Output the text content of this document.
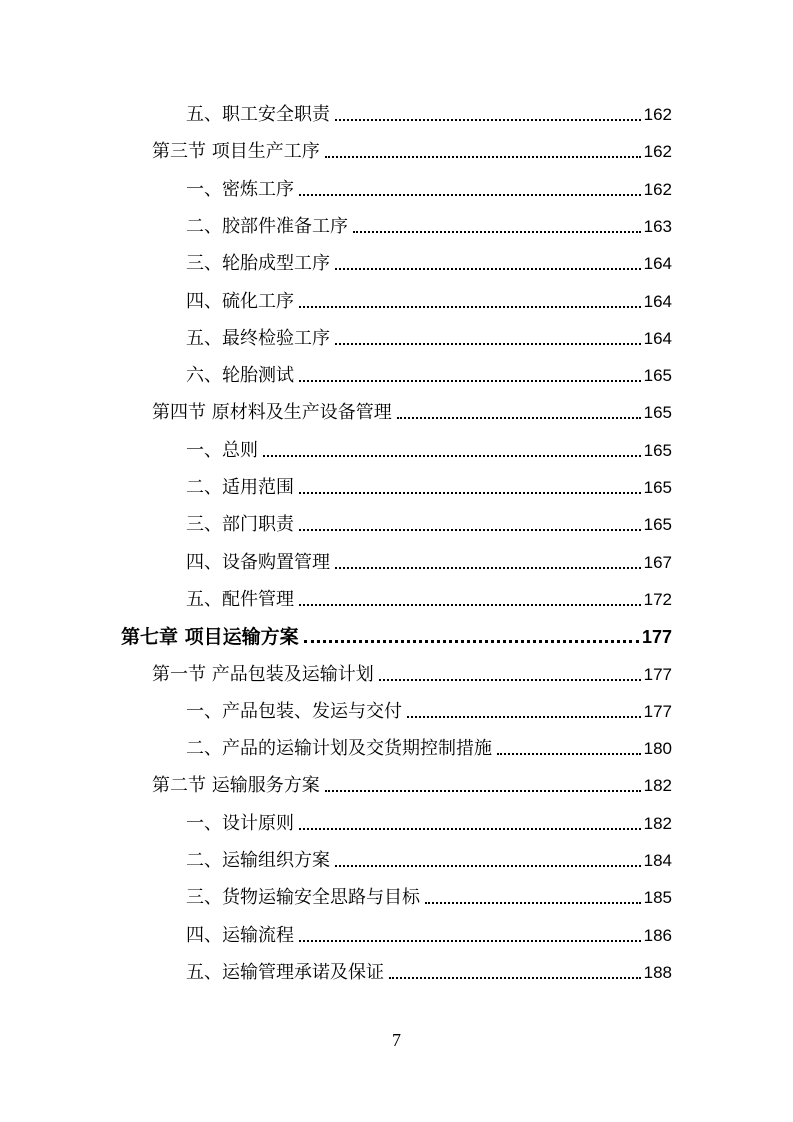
五、职工安全职责	162
第三节 项目生产工序	162
一、密炼工序	162
二、胶部件准备工序	163
三、轮胎成型工序	164
四、硫化工序	164
五、最终检验工序	164
六、轮胎测试	165
第四节 原材料及生产设备管理	165
一、总则	165
二、适用范围	165
三、部门职责	165
四、设备购置管理	167
五、配件管理	172
第七章 项目运输方案	177
第一节 产品包装及运输计划	177
一、产品包装、发运与交付	177
二、产品的运输计划及交货期控制措施	180
第二节 运输服务方案	182
一、设计原则	182
二、运输组织方案	184
三、货物运输安全思路与目标	185
四、运输流程	186
五、运输管理承诺及保证	188
7
